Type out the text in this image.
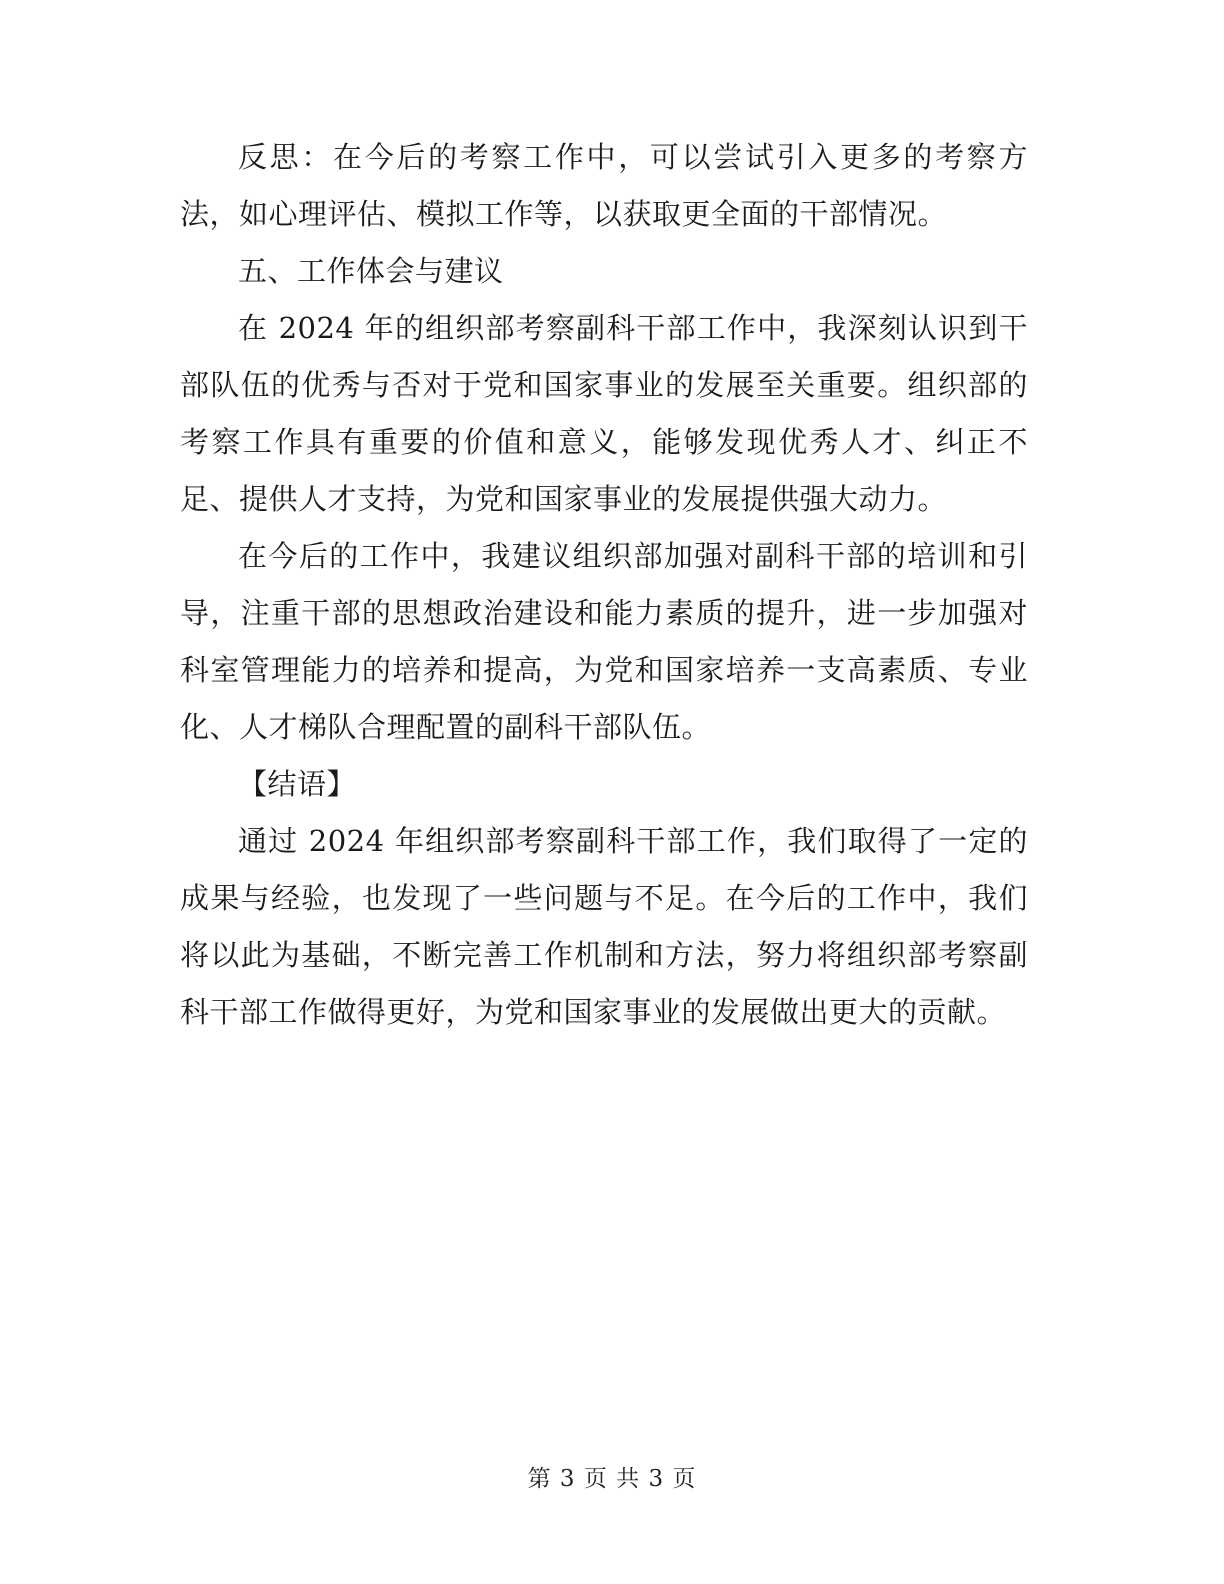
反思：在今后的考察工作中，可以尝试引入更多的考察方法，如心理评估、模拟工作等，以获取更全面的干部情况。

五、工作体会与建议

在 2024 年的组织部考察副科干部工作中，我深刻认识到干部队伍的优秀与否对于党和国家事业的发展至关重要。组织部的考察工作具有重要的价值和意义，能够发现优秀人才、纠正不足、提供人才支持，为党和国家事业的发展提供强大动力。

在今后的工作中，我建议组织部加强对副科干部的培训和引导，注重干部的思想政治建设和能力素质的提升，进一步加强对科室管理能力的培养和提高，为党和国家培养一支高素质、专业化、人才梯队合理配置的副科干部队伍。

【结语】

通过 2024 年组织部考察副科干部工作，我们取得了一定的成果与经验，也发现了一些问题与不足。在今后的工作中，我们将以此为基础，不断完善工作机制和方法，努力将组织部考察副科干部工作做得更好，为党和国家事业的发展做出更大的贡献。

第 3 页 共 3 页
